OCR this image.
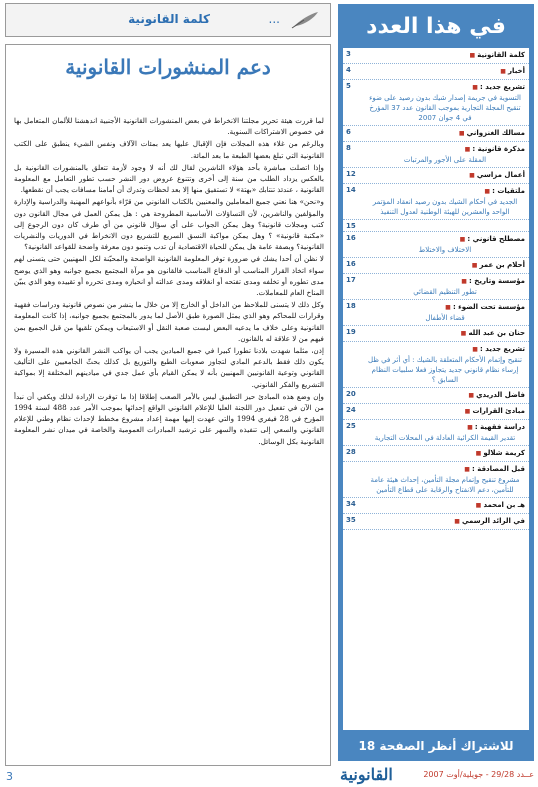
كلمة القانونية	...
دعم المنشورات القانونية

لما قررت هيئة تحرير مجلتنا الانخراط في بعض المنشورات القانونية الأجنبية اندهشنا للألمان المتعامل بها في خصوص الاشتراكات السنوية.

وبالرغم من غلاء هذه المجلات فإن الإقبال عليها يعد بمئات الآلاف ونفس الشيء ينطبق على الكتب القانونية التي تبلغ بعضها الطبعة ما بعد المائة.

وإذا اتصلت مباشرة بأحد هؤلاء الناشرين لقال لك أنه لا وجود لأزمة تتعلق بالمنشورات القانونية بل بالعكس يزداد الطلب من سنة إلى أخرى وتتنوع عروض دور النشر حسب تطور التعامل مع المعلومة القانونية ، عندئذ تنتابك «بهتة» لا تستفيق منها إلا بعد لحظات وتدرك أن أمامنا مسافات يجب أن نقطعها.

و«نحن» هنا نعني جميع المعاملين والمعنيين بالكتاب القانوني من قرّاء بأنواعهم المهنية والدراسية والإدارة والمؤلفين والناشرين، لأن التساؤلات الأساسية المطروحة هي : هل يمكن العمل في مجال القانون دون كتب ومجلات قانونية؟ وهل يمكن الجواب على أي سؤال قانوني من أي طرف كان دون الرجوع إلى «مكتبة قانونية» ؟ وهل يمكن مواكبة النسق السريع للتشريع دون الانخراط في الدوريات والنشريات القانونية؟ وبصفة عامة هل يمكن للحياة الاقتصادية أن تدب وتنمو دون معرفة واضحة للقواعد القانونية؟

لا نظن أن أحدا يشك في ضرورة توفر المعلومة القانونية الواضحة والمحيّنة لكل المهنيين حتى يتسنى لهم سواء اتخاذ القرار المناسب أو الدفاع المناسب فالقانون هو مرآة المجتمع بجميع جوانبه وهو الذي يوضح مدى تطوره أو تخلفه ومدى تفتحه أو انغلاقه ومدى عدالته أو انحيازه ومدى تحرره أو تقييده وهو الذي يبيّن المناخ العام للمعاملات.

وكل ذلك لا يتسنى للملاحظ من الداخل أو الخارج إلا من خلال ما ينشر من نصوص قانونية ودراسات فقهية وقرارات للمحاكم وهو الذي يمثل الصورة طبق الأصل لما يدور بالمجتمع بجميع جوانبه، إذا كانت المعلومة القانونية وعلى خلاف ما يدعيه البعض ليست صعبة النقل أو الاستيعاب ويمكن تلقيها من قبل الجميع بمن فيهم من لا علاقة له بالقانون.

إذن، مثلما شهدت بلادنا تطورا كبيرا في جميع الميادين يجب أن يواكب النشر القانوني هذه المسيرة ولا يكون ذلك فقط بالدعم المادي لتجاوز صعوبات الطبع والتوزيع بل كذلك بحثّ الجامعيين على التأليف القانوني وتوعية القانونيين المهنيين بأنه لا يمكن القيام بأي عمل جدي في ميادينهم المختلفة إلا بمواكبة التشريع والفكر القانوني.

وإن وضع هذه المبادئ حيز التطبيق ليس بالأمر الصعب إطلاقا إذا ما توفرت الإرادة لذلك ويكفي أن نبدأ من الآن في تفعيل دور اللجنة العليا للإعلام القانوني الواقع إحداثها بموجب الأمر عدد 488 لسنة 1994 المؤرخ في 28 فيفري 1994 والتي عهدت إليها مهمة إعداد مشروع مخطط لإحداث نظام وطني للإعلام القانوني والسعي إلى تنفيذه والسهر على ترشيد المبادرات العمومية والخاصة في ميدان نشر المعلومة القانونية بكل الوسائل.

في هذا العدد
كلمة القانونية ■
3
أخبار ■
4
تشريع جديد : ■
التسوية في جريمة إصدار شيك بدون رصيد على ضوء تنقيح المجلة التجارية بموجب القانون عدد 37 المؤرخ في 4 جوان 2007
5
مسالك الغنزواني ■
6
مذكرة قانونية : ■
المقلة على الأجور والمرتبات
8
أعمال مزاسي ■
12
ملتقيات : ■
الجديد في أحكام الشيك بدون رصيد انعقاد المؤتمر الواحد والعشرين للهيئة الوطنية لعدول التنفيذ
14
15
مصطلح قانوني : ■
الاختلاف والاختلاط
16
أحلام بن عمر ■
16
مؤسسة وتاريخ : ■
تطور التنظيم القضائي
17
مؤسسة تحت الضوء : ■
قضاء الأطفال
18
حنان بن عبد الله ■
19
تشريع جديد : ■
تنقيح وإتمام الأحكام المتعلقة بالشيك : أي أثر في ظل إرساء نظام قانوني جديد يتجاوز فعلا سلبيات النظام السابق ؟
فاضل الدريدي ■
20
مبادئ القرارات ■
24
دراسة فقهية : ■
تقدير القيمة الكرائية العادلة في المحلات التجارية
25
كريمة شلالو ■
28
قبل المصادقة : ■
مشروع تنقيح وإتمام مجلة التأمين، إحداث هيئة عامة للتأمين، دعم الانفتاح والرقابة على قطاع التأمين
هـ بن امحمد ■
34
في الرائد الرسمي ■
35
للاشتراك أنظر الصفحة 18
3	عــدد 29/28 - جويلية/أوت 2007
القانونية
